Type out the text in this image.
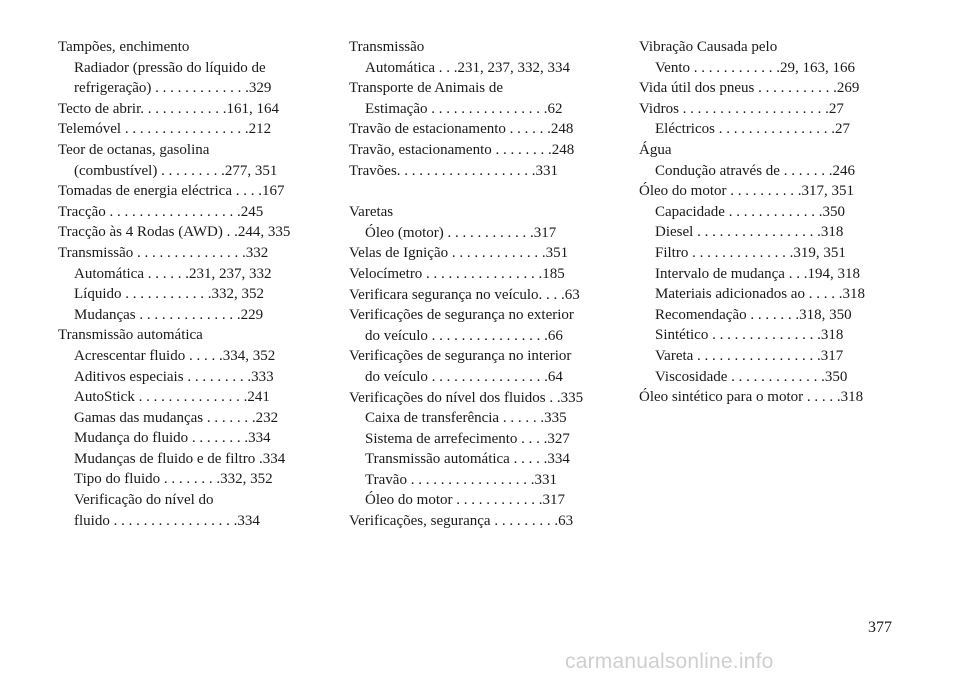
Tampões, enchimento
Radiador (pressão do líquido de
refrigeração) . . . . . . . . . . . . .329
Tecto de abrir. . . . . . . . . . . .161, 164
Telemóvel . . . . . . . . . . . . . . . . .212
Teor de octanas, gasolina
(combustível) . . . . . . . . .277, 351
Tomadas de energia eléctrica . . . .167
Tracção . . . . . . . . . . . . . . . . . .245
Tracção às 4 Rodas (AWD) . .244, 335
Transmissão . . . . . . . . . . . . . . .332
Automática . . . . . .231, 237, 332
Líquido . . . . . . . . . . . .332, 352
Mudanças . . . . . . . . . . . . . .229
Transmissão automática
Acrescentar fluido . . . . .334, 352
Aditivos especiais . . . . . . . . .333
AutoStick . . . . . . . . . . . . . . .241
Gamas das mudanças . . . . . . .232
Mudança do fluido . . . . . . . .334
Mudanças de fluido e de filtro .334
Tipo do fluido . . . . . . . .332, 352
Verificação do nível do
fluido . . . . . . . . . . . . . . . . .334
Transmissão
Automática . . .231, 237, 332, 334
Transporte de Animais de
Estimação . . . . . . . . . . . . . . . .62
Travão de estacionamento . . . . . .248
Travão, estacionamento . . . . . . . .248
Travões. . . . . . . . . . . . . . . . . . .331
Varetas
Óleo (motor) . . . . . . . . . . . .317
Velas de Ignição . . . . . . . . . . . . .351
Velocímetro . . . . . . . . . . . . . . . .185
Verificara segurança no veículo. . . .63
Verificações de segurança no exterior
do veículo . . . . . . . . . . . . . . . .66
Verificações de segurança no interior
do veículo . . . . . . . . . . . . . . . .64
Verificações do nível dos fluidos . .335
Caixa de transferência . . . . . .335
Sistema de arrefecimento . . . .327
Transmissão automática . . . . .334
Travão . . . . . . . . . . . . . . . . .331
Óleo do motor . . . . . . . . . . . .317
Verificações, segurança . . . . . . . . .63
Vibração Causada pelo
Vento . . . . . . . . . . . .29, 163, 166
Vida útil dos pneus . . . . . . . . . . .269
Vidros . . . . . . . . . . . . . . . . . . . .27
Eléctricos . . . . . . . . . . . . . . . .27
Água
Condução através de . . . . . . .246
Óleo do motor . . . . . . . . . .317, 351
Capacidade . . . . . . . . . . . . .350
Diesel . . . . . . . . . . . . . . . . .318
Filtro . . . . . . . . . . . . . .319, 351
Intervalo de mudança . . .194, 318
Materiais adicionados ao . . . . .318
Recomendação . . . . . . .318, 350
Sintético . . . . . . . . . . . . . . .318
Vareta . . . . . . . . . . . . . . . . .317
Viscosidade . . . . . . . . . . . . .350
Óleo sintético para o motor . . . . .318
377
carmanualsonline.info
